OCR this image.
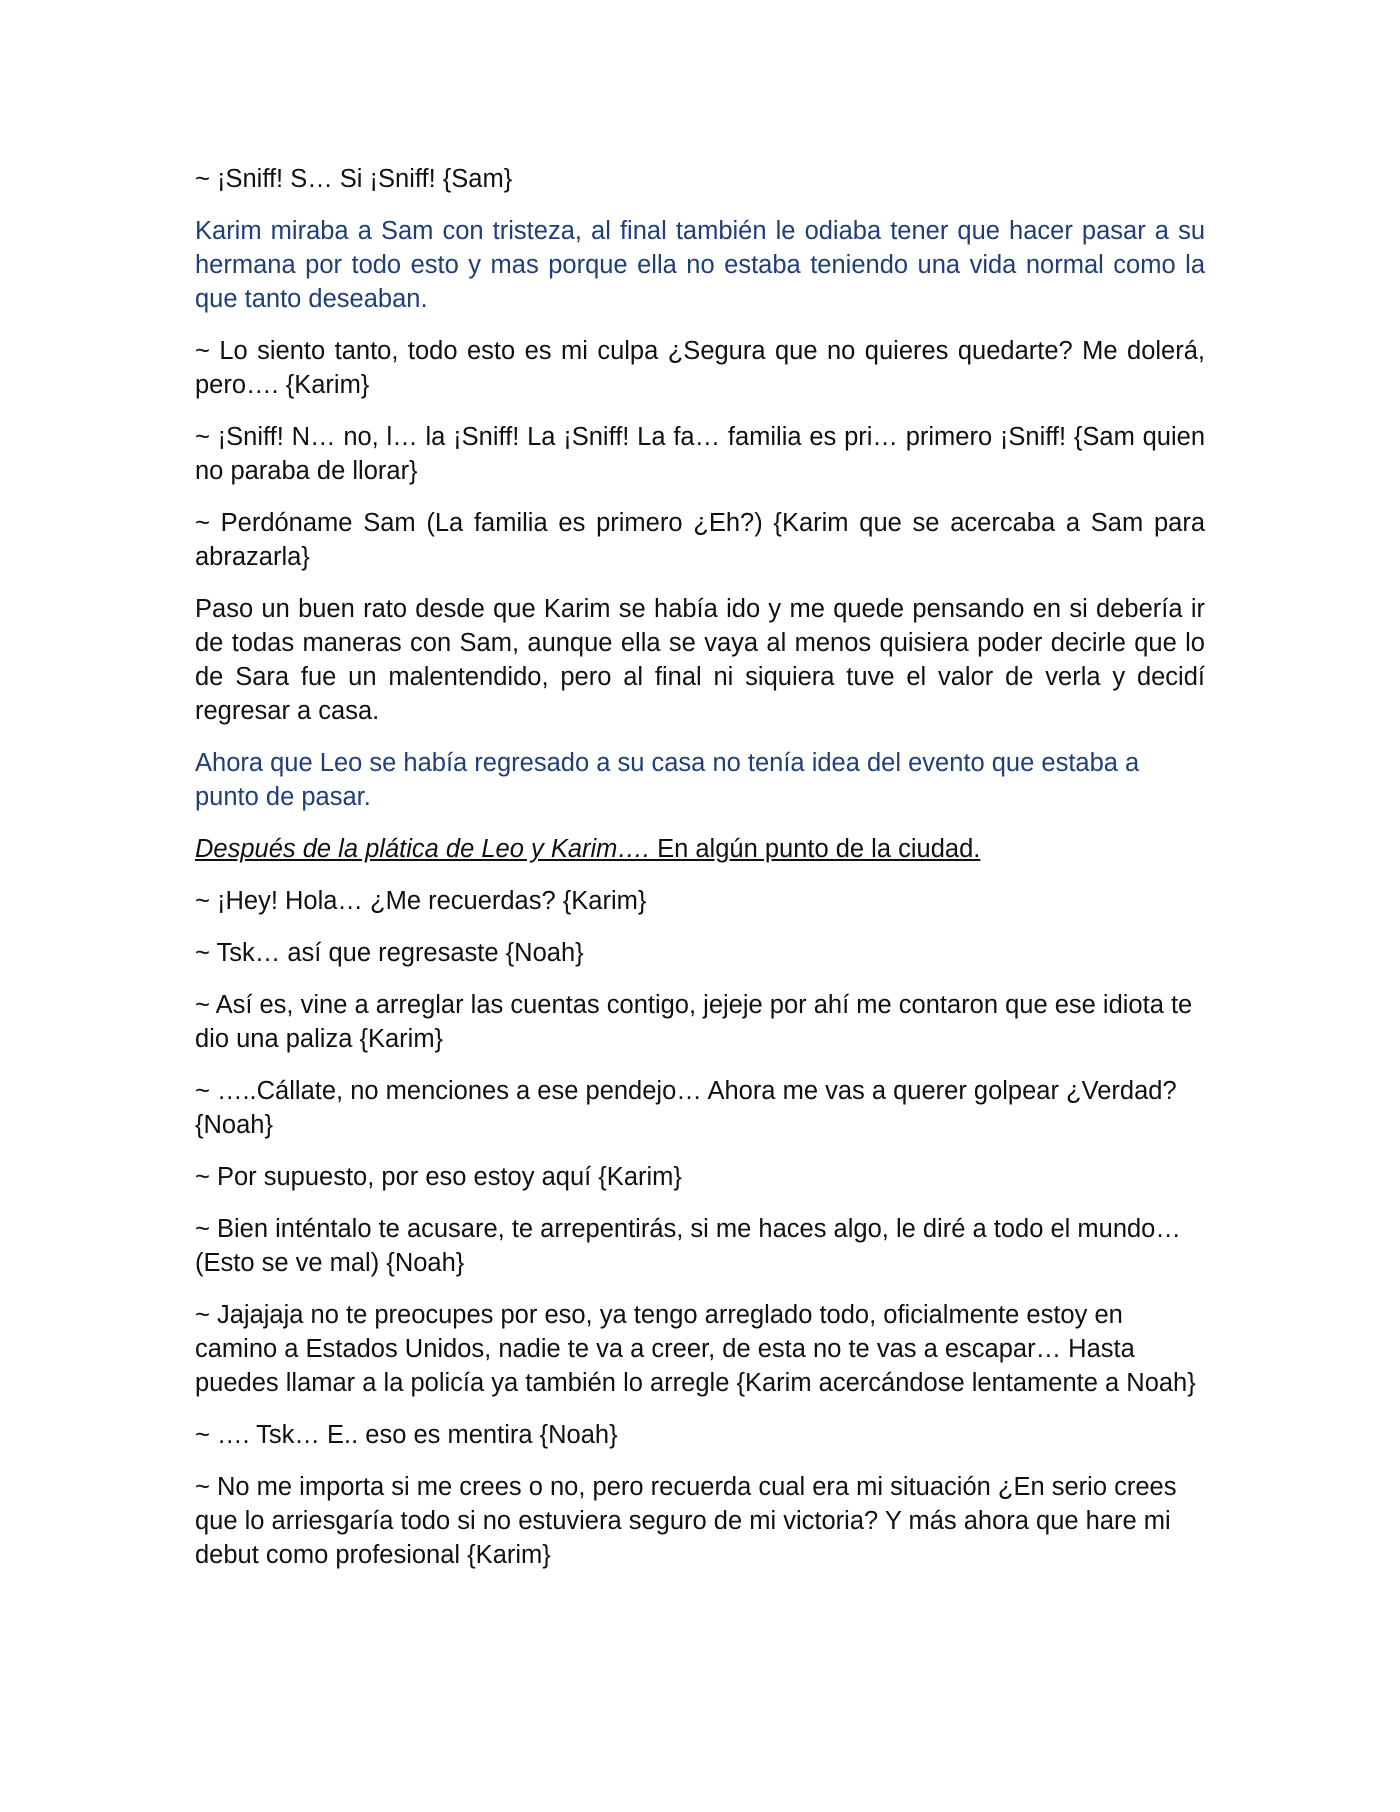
~ ¡Sniff! S… Si ¡Sniff! {Sam}

Karim miraba a Sam con tristeza, al final también le odiaba tener que hacer pasar a su hermana por todo esto y mas porque ella no estaba teniendo una vida normal como la que tanto deseaban.

~ Lo siento tanto, todo esto es mi culpa ¿Segura que no quieres quedarte? Me dolerá, pero…. {Karim}

~ ¡Sniff! N… no, l… la ¡Sniff! La ¡Sniff! La fa… familia es pri… primero ¡Sniff! {Sam quien no paraba de llorar}

~ Perdóname Sam (La familia es primero ¿Eh?) {Karim que se acercaba a Sam para abrazarla}

Paso un buen rato desde que Karim se había ido y me quede pensando en si debería ir de todas maneras con Sam, aunque ella se vaya al menos quisiera poder decirle que lo de Sara fue un malentendido, pero al final ni siquiera tuve el valor de verla y decidí regresar a casa.

Ahora que Leo se había regresado a su casa no tenía idea del evento que estaba a punto de pasar.

Después de la plática de Leo y Karim…. En algún punto de la ciudad.

~ ¡Hey! Hola… ¿Me recuerdas? {Karim}

~ Tsk… así que regresaste {Noah}

~ Así es, vine a arreglar las cuentas contigo, jejeje por ahí me contaron que ese idiota te dio una paliza {Karim}

~ …..Cállate, no menciones a ese pendejo… Ahora me vas a querer golpear ¿Verdad? {Noah}

~ Por supuesto, por eso estoy aquí {Karim}

~ Bien inténtalo te acusare, te arrepentirás, si me haces algo, le diré a todo el mundo… (Esto se ve mal) {Noah}

~ Jajajaja no te preocupes por eso, ya tengo arreglado todo, oficialmente estoy en camino a Estados Unidos, nadie te va a creer, de esta no te vas a escapar… Hasta puedes llamar a la policía ya también lo arregle {Karim acercándose lentamente a Noah}

~ …. Tsk… E.. eso es mentira {Noah}

~ No me importa si me crees o no, pero recuerda cual era mi situación ¿En serio crees que lo arriesgaría todo si no estuviera seguro de mi victoria? Y más ahora que hare mi debut como profesional {Karim}
